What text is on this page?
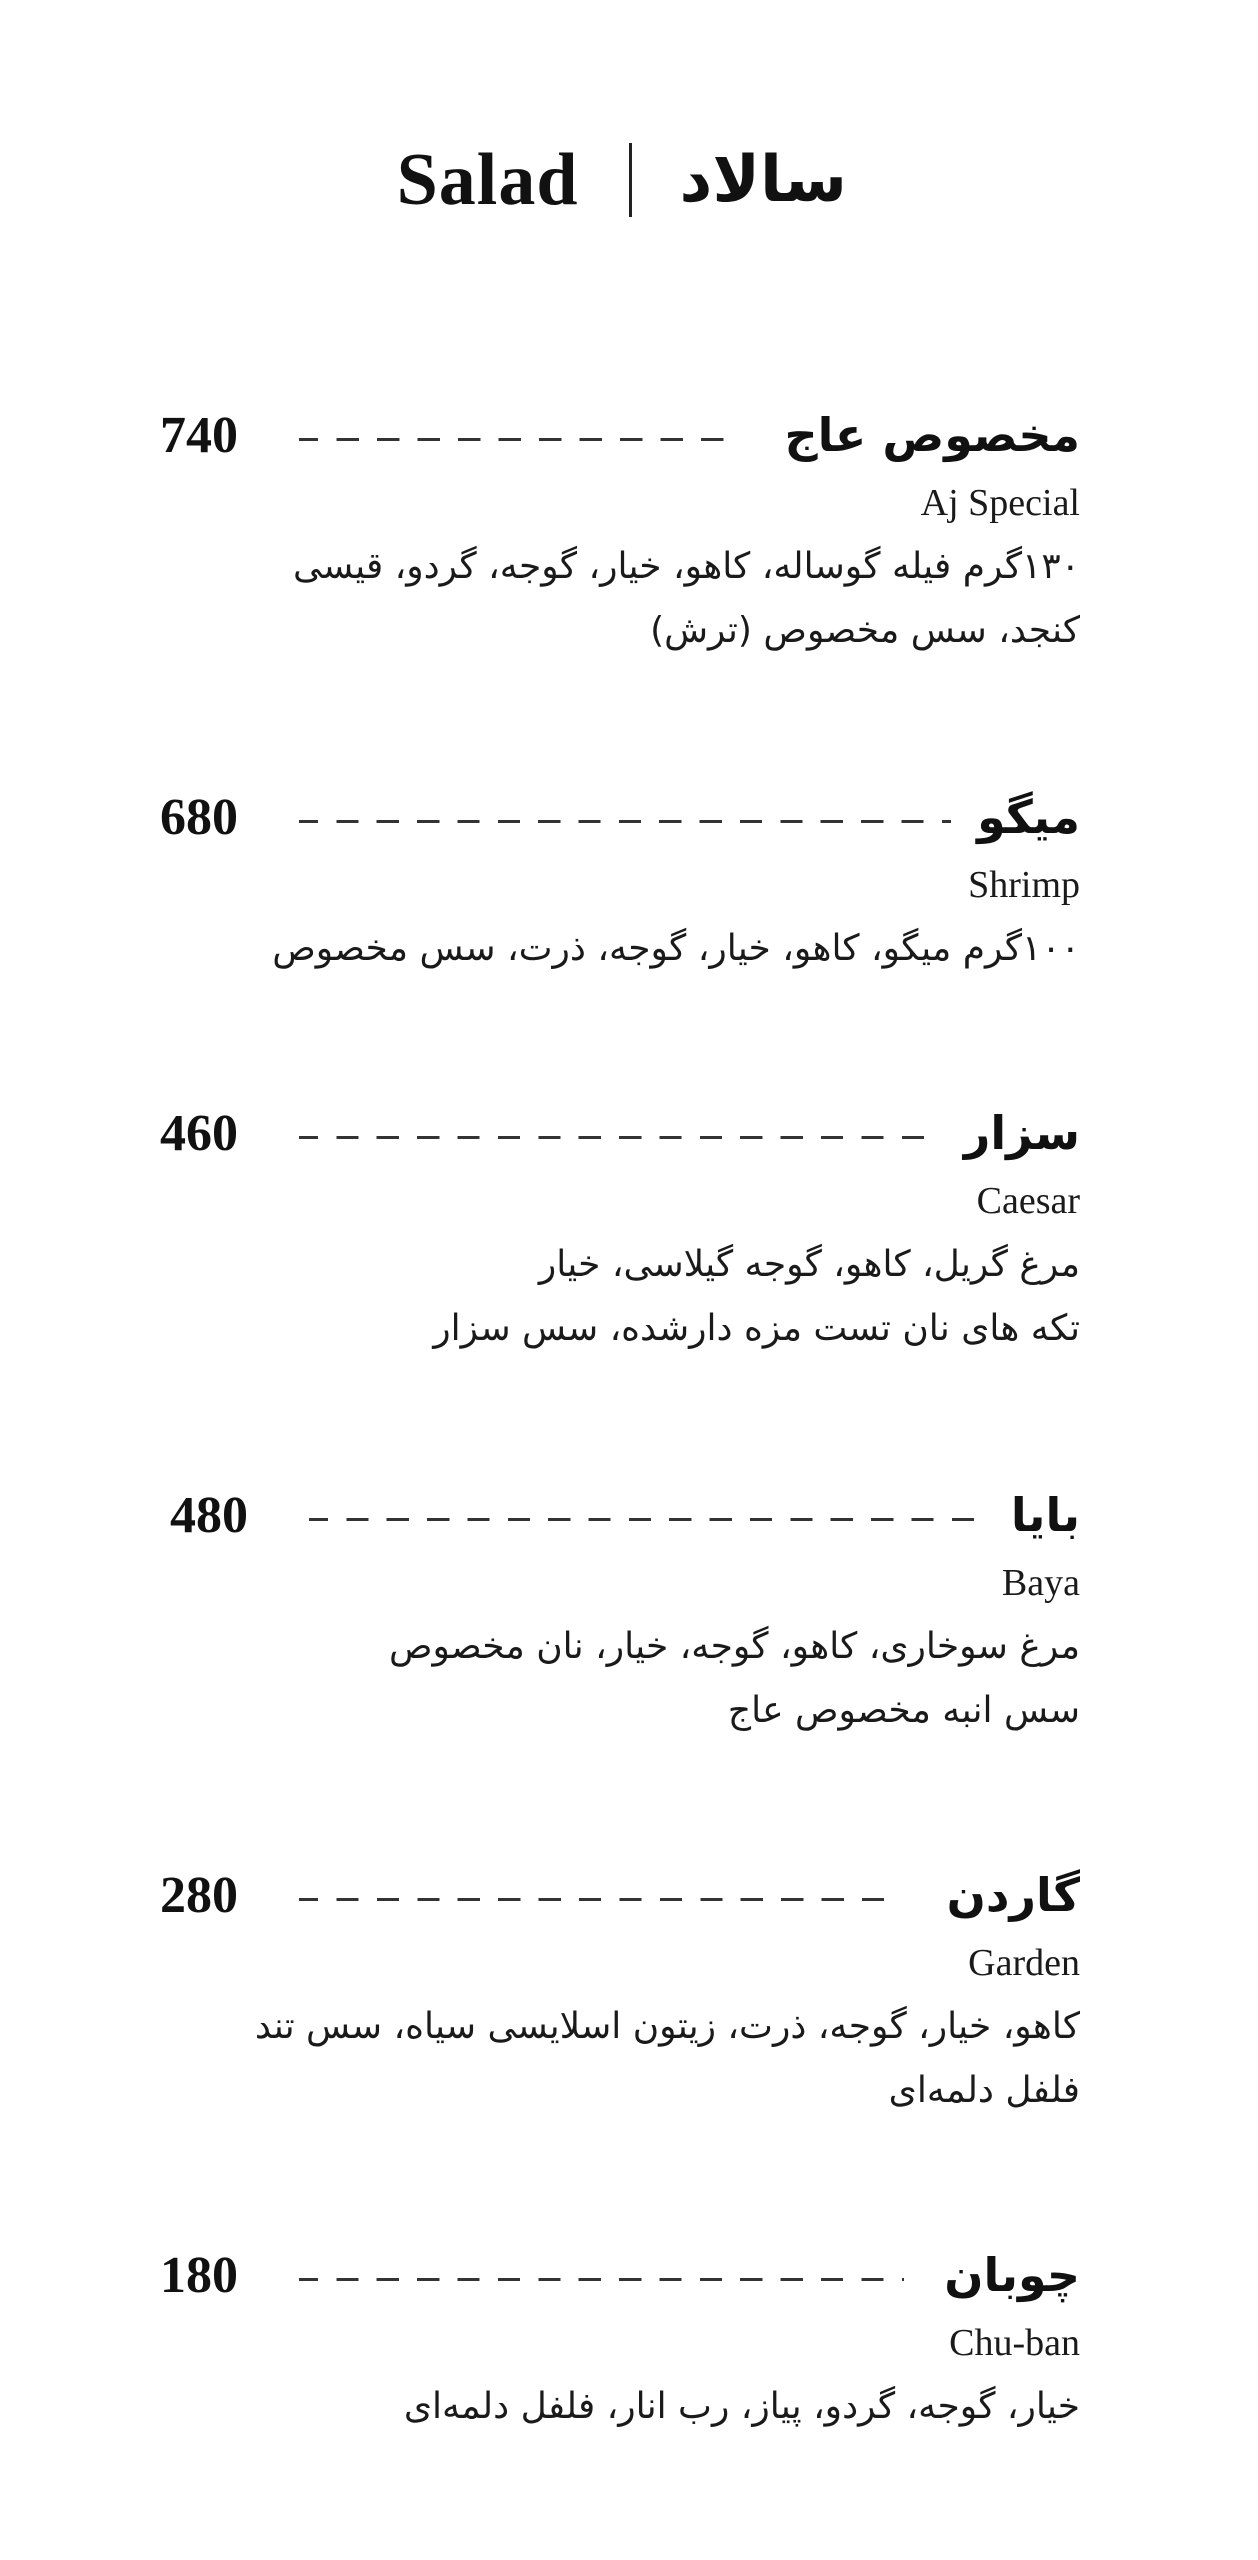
Salad سالاد
740	مخصوص عاج
Aj Special
۱۳۰گرم فیله گوساله، کاهو، خیار، گوجه، گردو، قیسی
کنجد، سس مخصوص (ترش)
680	میگو
Shrimp
۱۰۰گرم میگو، کاهو، خیار، گوجه، ذرت، سس مخصوص
460	سزار
Caesar
مرغ گریل، کاهو، گوجه گیلاسی، خیار
تکه های نان تست مزه دارشده، سس سزار
480	بایا
Baya
مرغ سوخاری، کاهو، گوجه، خیار، نان مخصوص
سس انبه مخصوص عاج
280	گاردن
Garden
کاهو، خیار، گوجه، ذرت، زیتون اسلایسی سیاه، سس تند
فلفل دلمه‌ای
180	چوبان
Chu-ban
خیار، گوجه، گردو، پیاز، رب انار، فلفل دلمه‌ای
